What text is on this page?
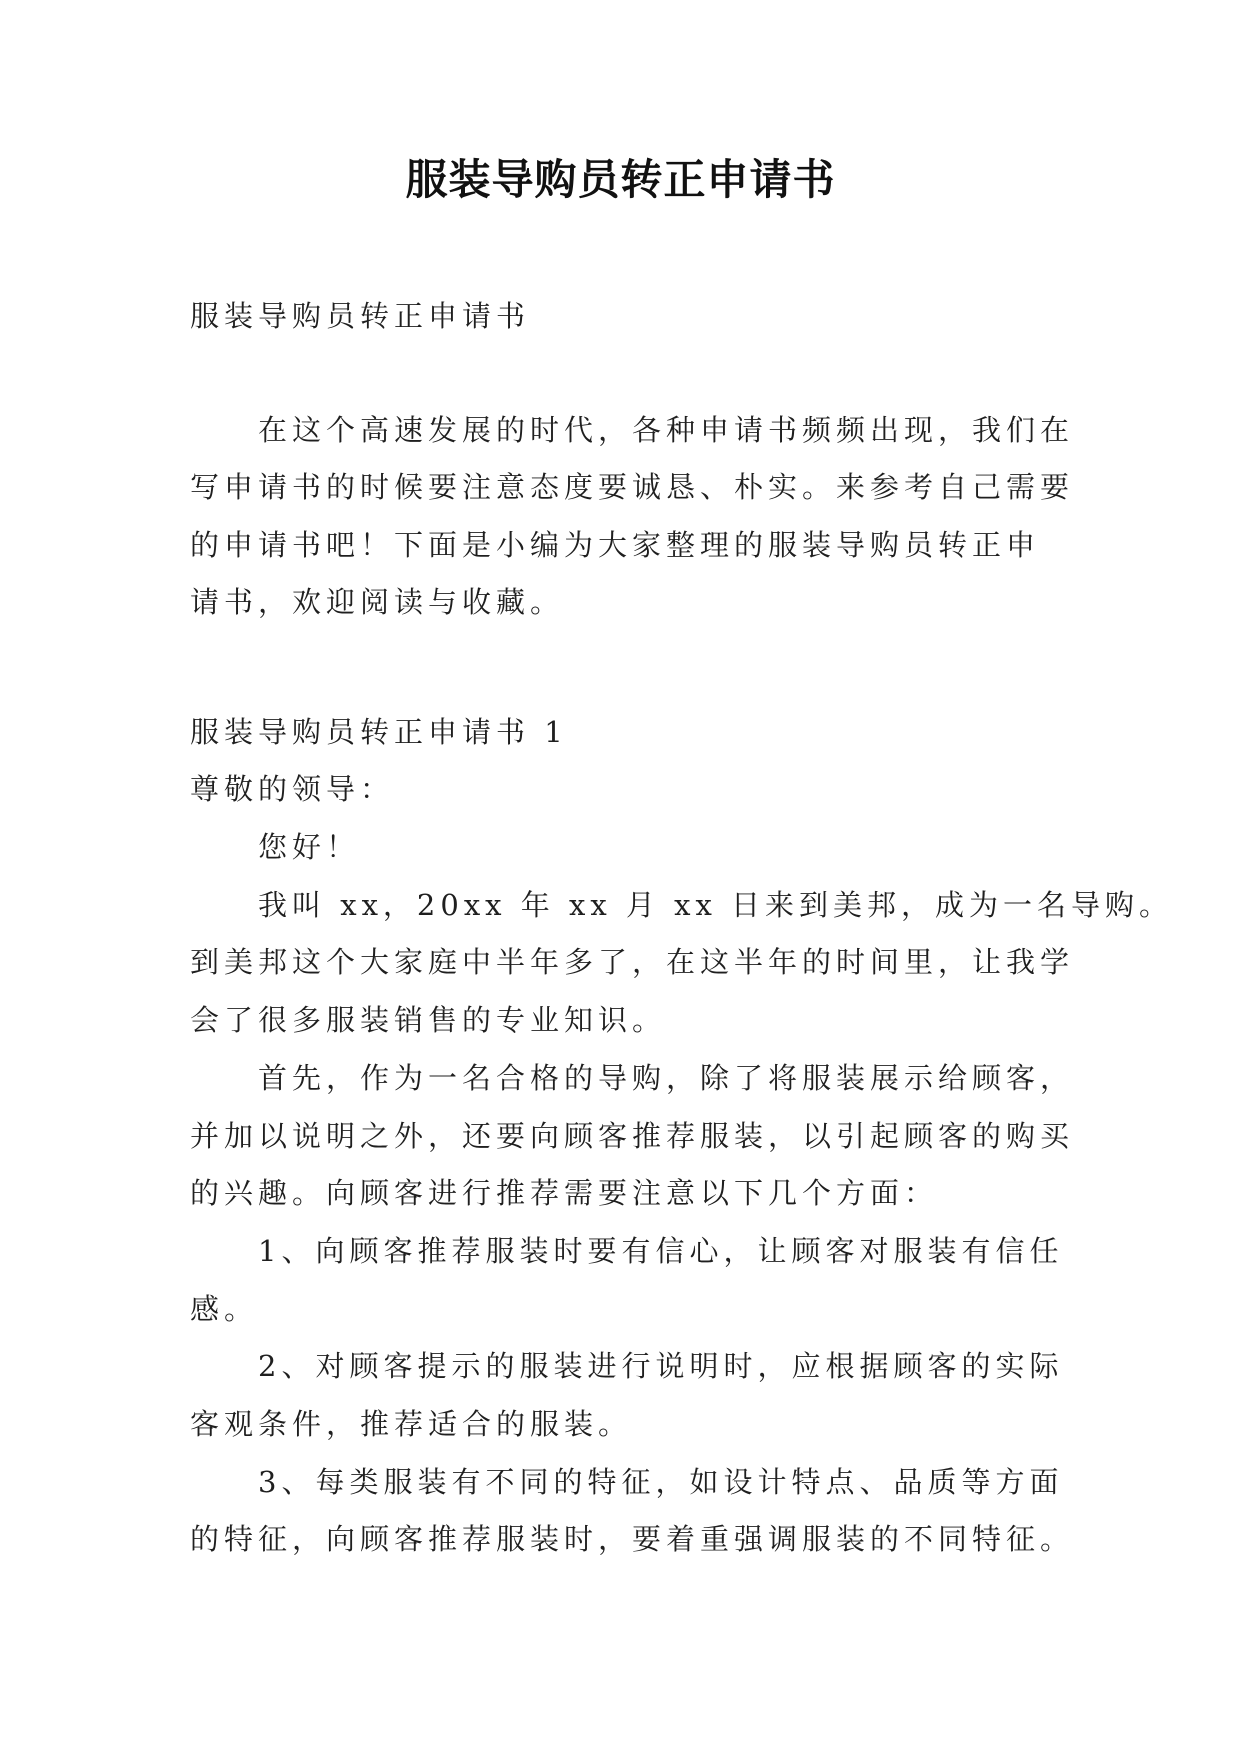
服装导购员转正申请书
服装导购员转正申请书
在这个高速发展的时代，各种申请书频频出现，我们在
写申请书的时候要注意态度要诚恳、朴实。来参考自己需要
的申请书吧！下面是小编为大家整理的服装导购员转正申
请书，欢迎阅读与收藏。
服装导购员转正申请书 1
尊敬的领导：
您好！
我叫 xx，20xx 年 xx 月 xx 日来到美邦，成为一名导购。
到美邦这个大家庭中半年多了，在这半年的时间里，让我学
会了很多服装销售的专业知识。
首先，作为一名合格的导购，除了将服装展示给顾客，
并加以说明之外，还要向顾客推荐服装，以引起顾客的购买
的兴趣。向顾客进行推荐需要注意以下几个方面：
1、向顾客推荐服装时要有信心，让顾客对服装有信任
感。
2、对顾客提示的服装进行说明时，应根据顾客的实际
客观条件，推荐适合的服装。
3、每类服装有不同的特征，如设计特点、品质等方面
的特征，向顾客推荐服装时，要着重强调服装的不同特征。
